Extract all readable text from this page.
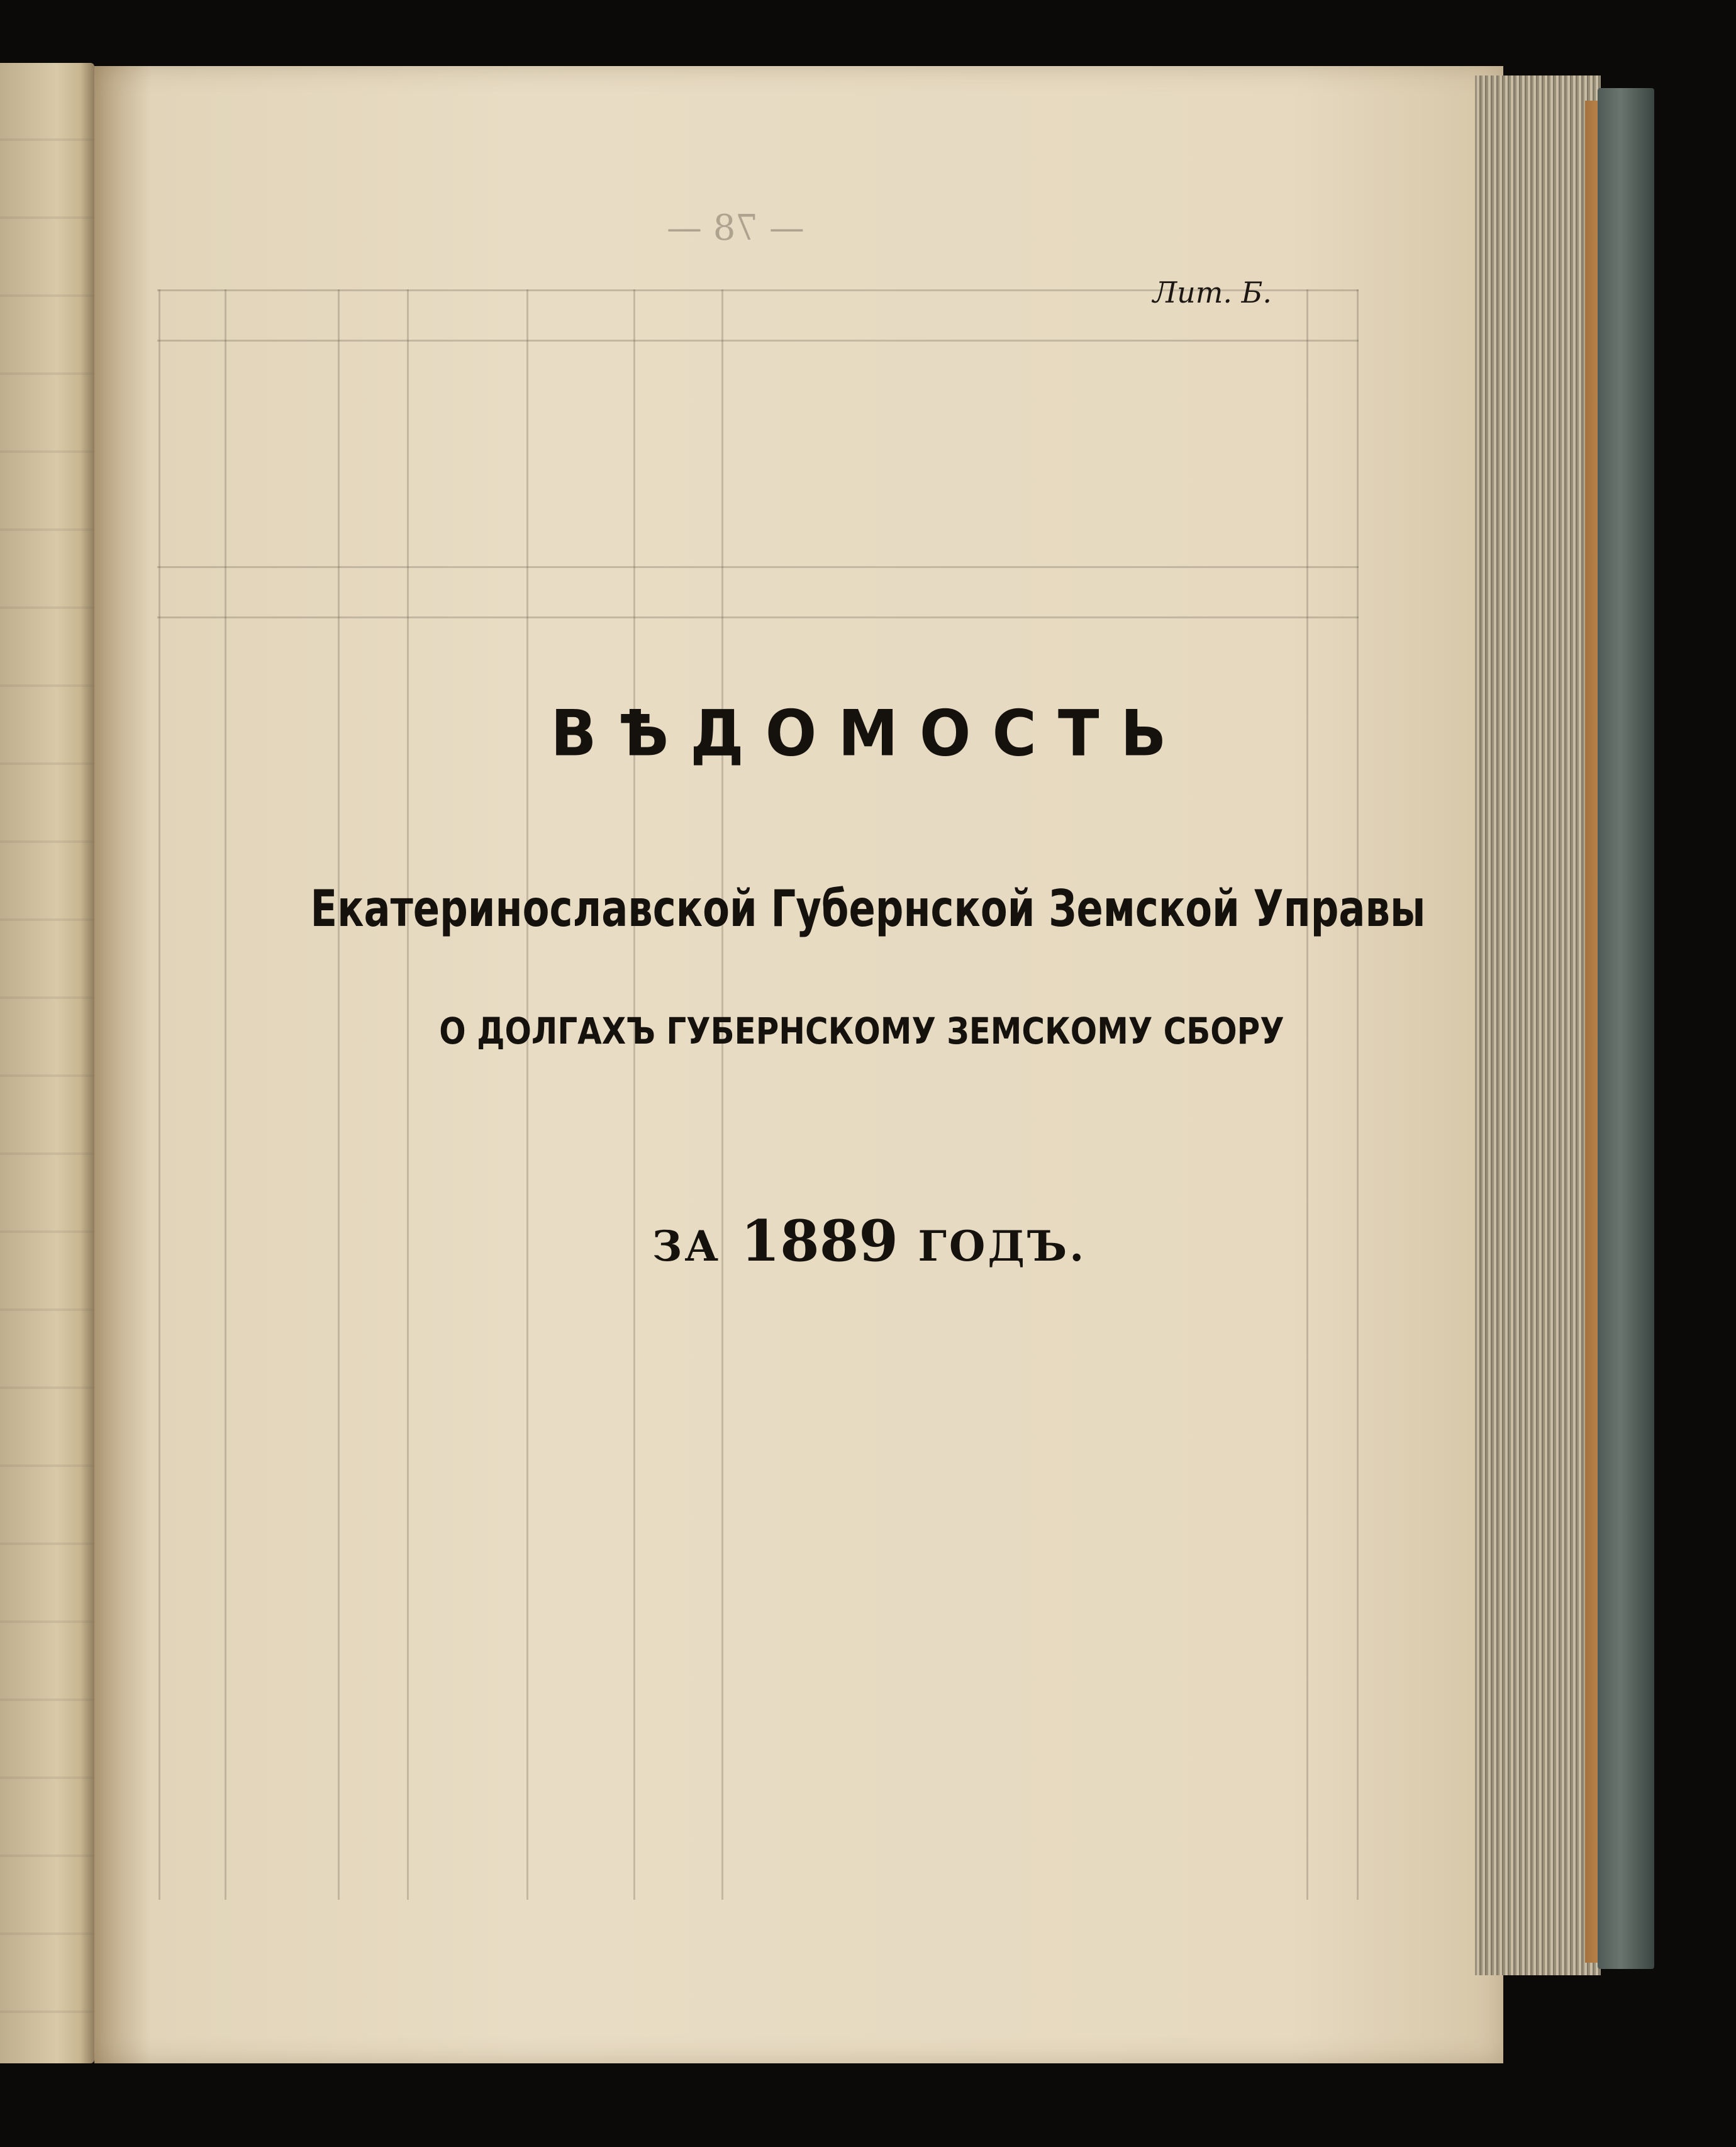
— 78 —
Лит. Б.
ВѢДОМОСТЬ
Екатеринославской Губернской Земской Управы
О ДОЛГАХЪ ГУБЕРНСКОМУ ЗЕМСКОМУ СБОРУ
ЗА 1889 ГОДЪ.
